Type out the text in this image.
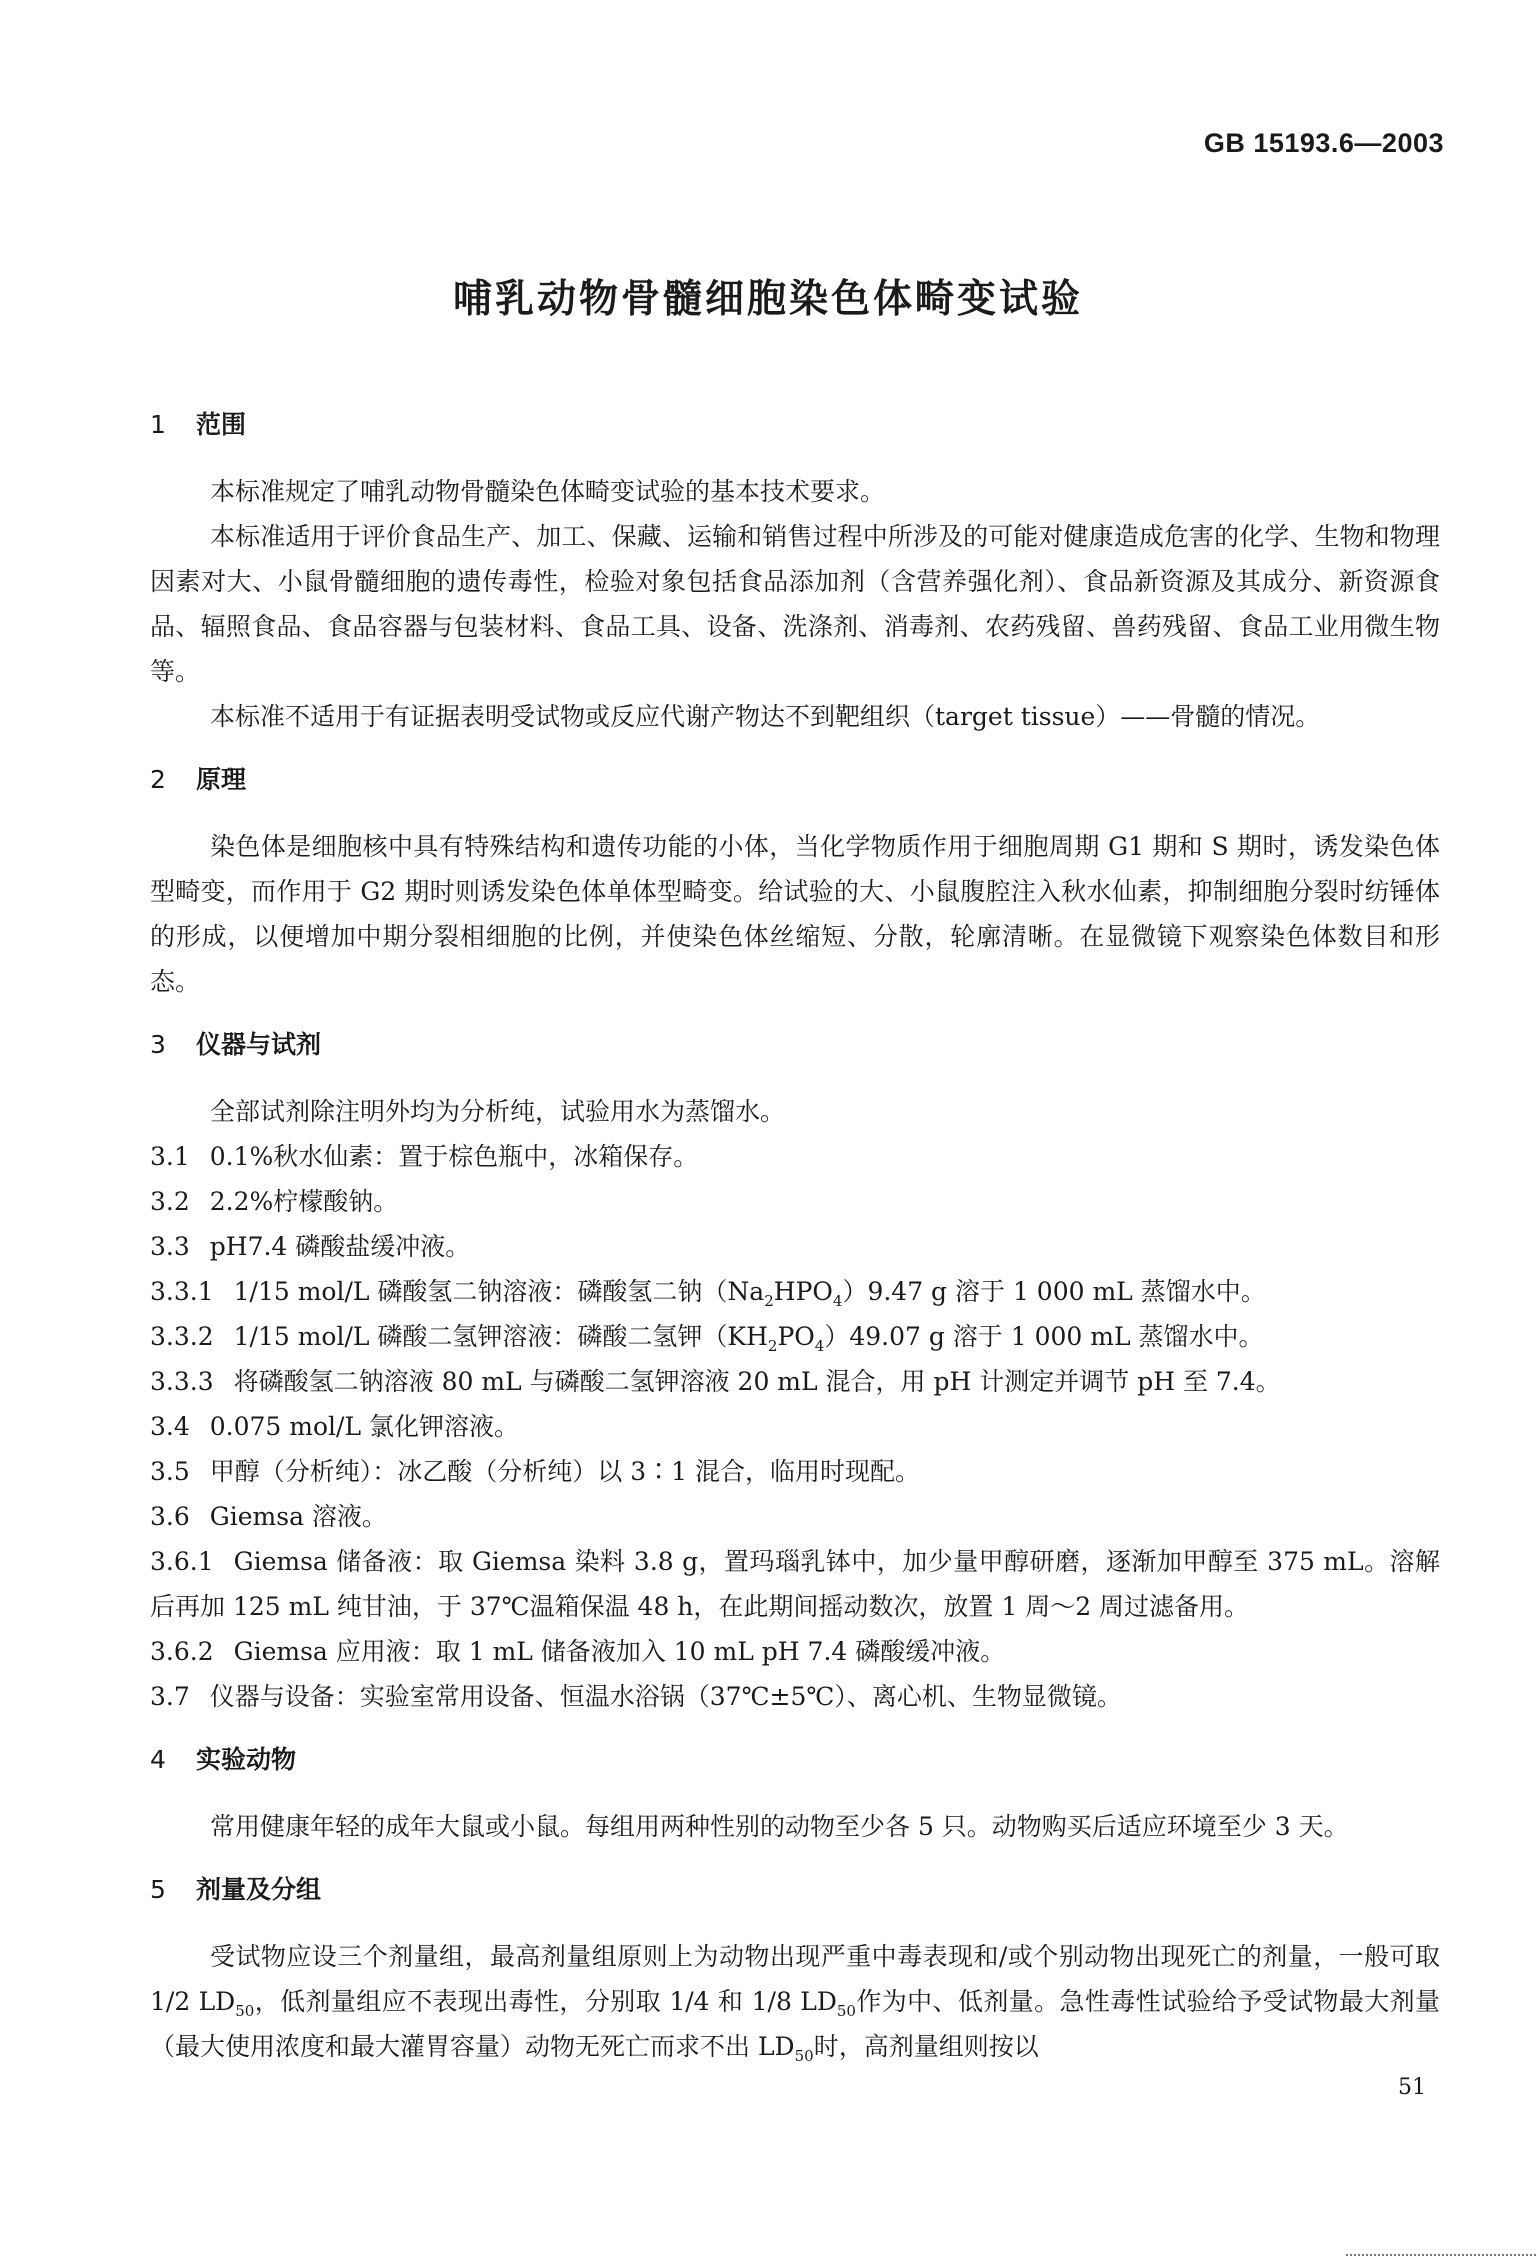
GB 15193.6—2003
哺乳动物骨髓细胞染色体畸变试验
1 范围
本标准规定了哺乳动物骨髓染色体畸变试验的基本技术要求。
本标准适用于评价食品生产、加工、保藏、运输和销售过程中所涉及的可能对健康造成危害的化学、生物和物理因素对大、小鼠骨髓细胞的遗传毒性，检验对象包括食品添加剂（含营养强化剂）、食品新资源及其成分、新资源食品、辐照食品、食品容器与包装材料、食品工具、设备、洗涤剂、消毒剂、农药残留、兽药残留、食品工业用微生物等。
本标准不适用于有证据表明受试物或反应代谢产物达不到靶组织（target tissue）——骨髓的情况。
2 原理
染色体是细胞核中具有特殊结构和遗传功能的小体，当化学物质作用于细胞周期 G1 期和 S 期时，诱发染色体型畸变，而作用于 G2 期时则诱发染色体单体型畸变。给试验的大、小鼠腹腔注入秋水仙素，抑制细胞分裂时纺锤体的形成，以便增加中期分裂相细胞的比例，并使染色体丝缩短、分散，轮廓清晰。在显微镜下观察染色体数目和形态。
3 仪器与试剂
全部试剂除注明外均为分析纯，试验用水为蒸馏水。
3.1 0.1%秋水仙素：置于棕色瓶中，冰箱保存。
3.2 2.2%柠檬酸钠。
3.3 pH7.4 磷酸盐缓冲液。
3.3.1 1/15 mol/L 磷酸氢二钠溶液：磷酸氢二钠$(Na_2HPO_4)9.47$ g 溶于 1 000 mL 蒸馏水中。
3.3.2 1/15 mol/L 磷酸二氢钾溶液：磷酸二氢钾$(KH_2PO_4)49.07$ g 溶于 1 000 mL 蒸馏水中。
3.3.3 将磷酸氢二钠溶液 80 mL 与磷酸二氢钾溶液 20 mL 混合，用 pH 计测定并调节 pH 至 7.4。
3.4 0.075 mol/L 氯化钾溶液。
3.5 甲醇（分析纯）：冰乙酸（分析纯）以 3∶1 混合，临用时现配。
3.6 Giemsa 溶液。
3.6.1 Giemsa 储备液：取 Giemsa 染料 3.8 g，置玛瑙乳钵中，加少量甲醇研磨，逐渐加甲醇至 375 mL。溶解后再加 125 mL 纯甘油，于 37℃温箱保温 48 h，在此期间摇动数次，放置 1 周～2 周过滤备用。
3.6.2 Giemsa 应用液：取 1 mL 储备液加入 10 mL pH 7.4 磷酸缓冲液。
3.7 仪器与设备：实验室常用设备、恒温水浴锅（37℃±5℃）、离心机、生物显微镜。
4 实验动物
常用健康年轻的成年大鼠或小鼠。每组用两种性别的动物至少各 5 只。动物购买后适应环境至少 3 天。
5 剂量及分组
受试物应设三个剂量组，最高剂量组原则上为动物出现严重中毒表现和/或个别动物出现死亡的剂量，一般可取 1/2 $LD_{50}$，低剂量组应不表现出毒性，分别取 1/4 和 1/8 $LD_{50}$作为中、低剂量。急性毒性试验给予受试物最大剂量（最大使用浓度和最大灌胃容量）动物无死亡而求不出 $LD_{50}$时，高剂量组则按以
51
